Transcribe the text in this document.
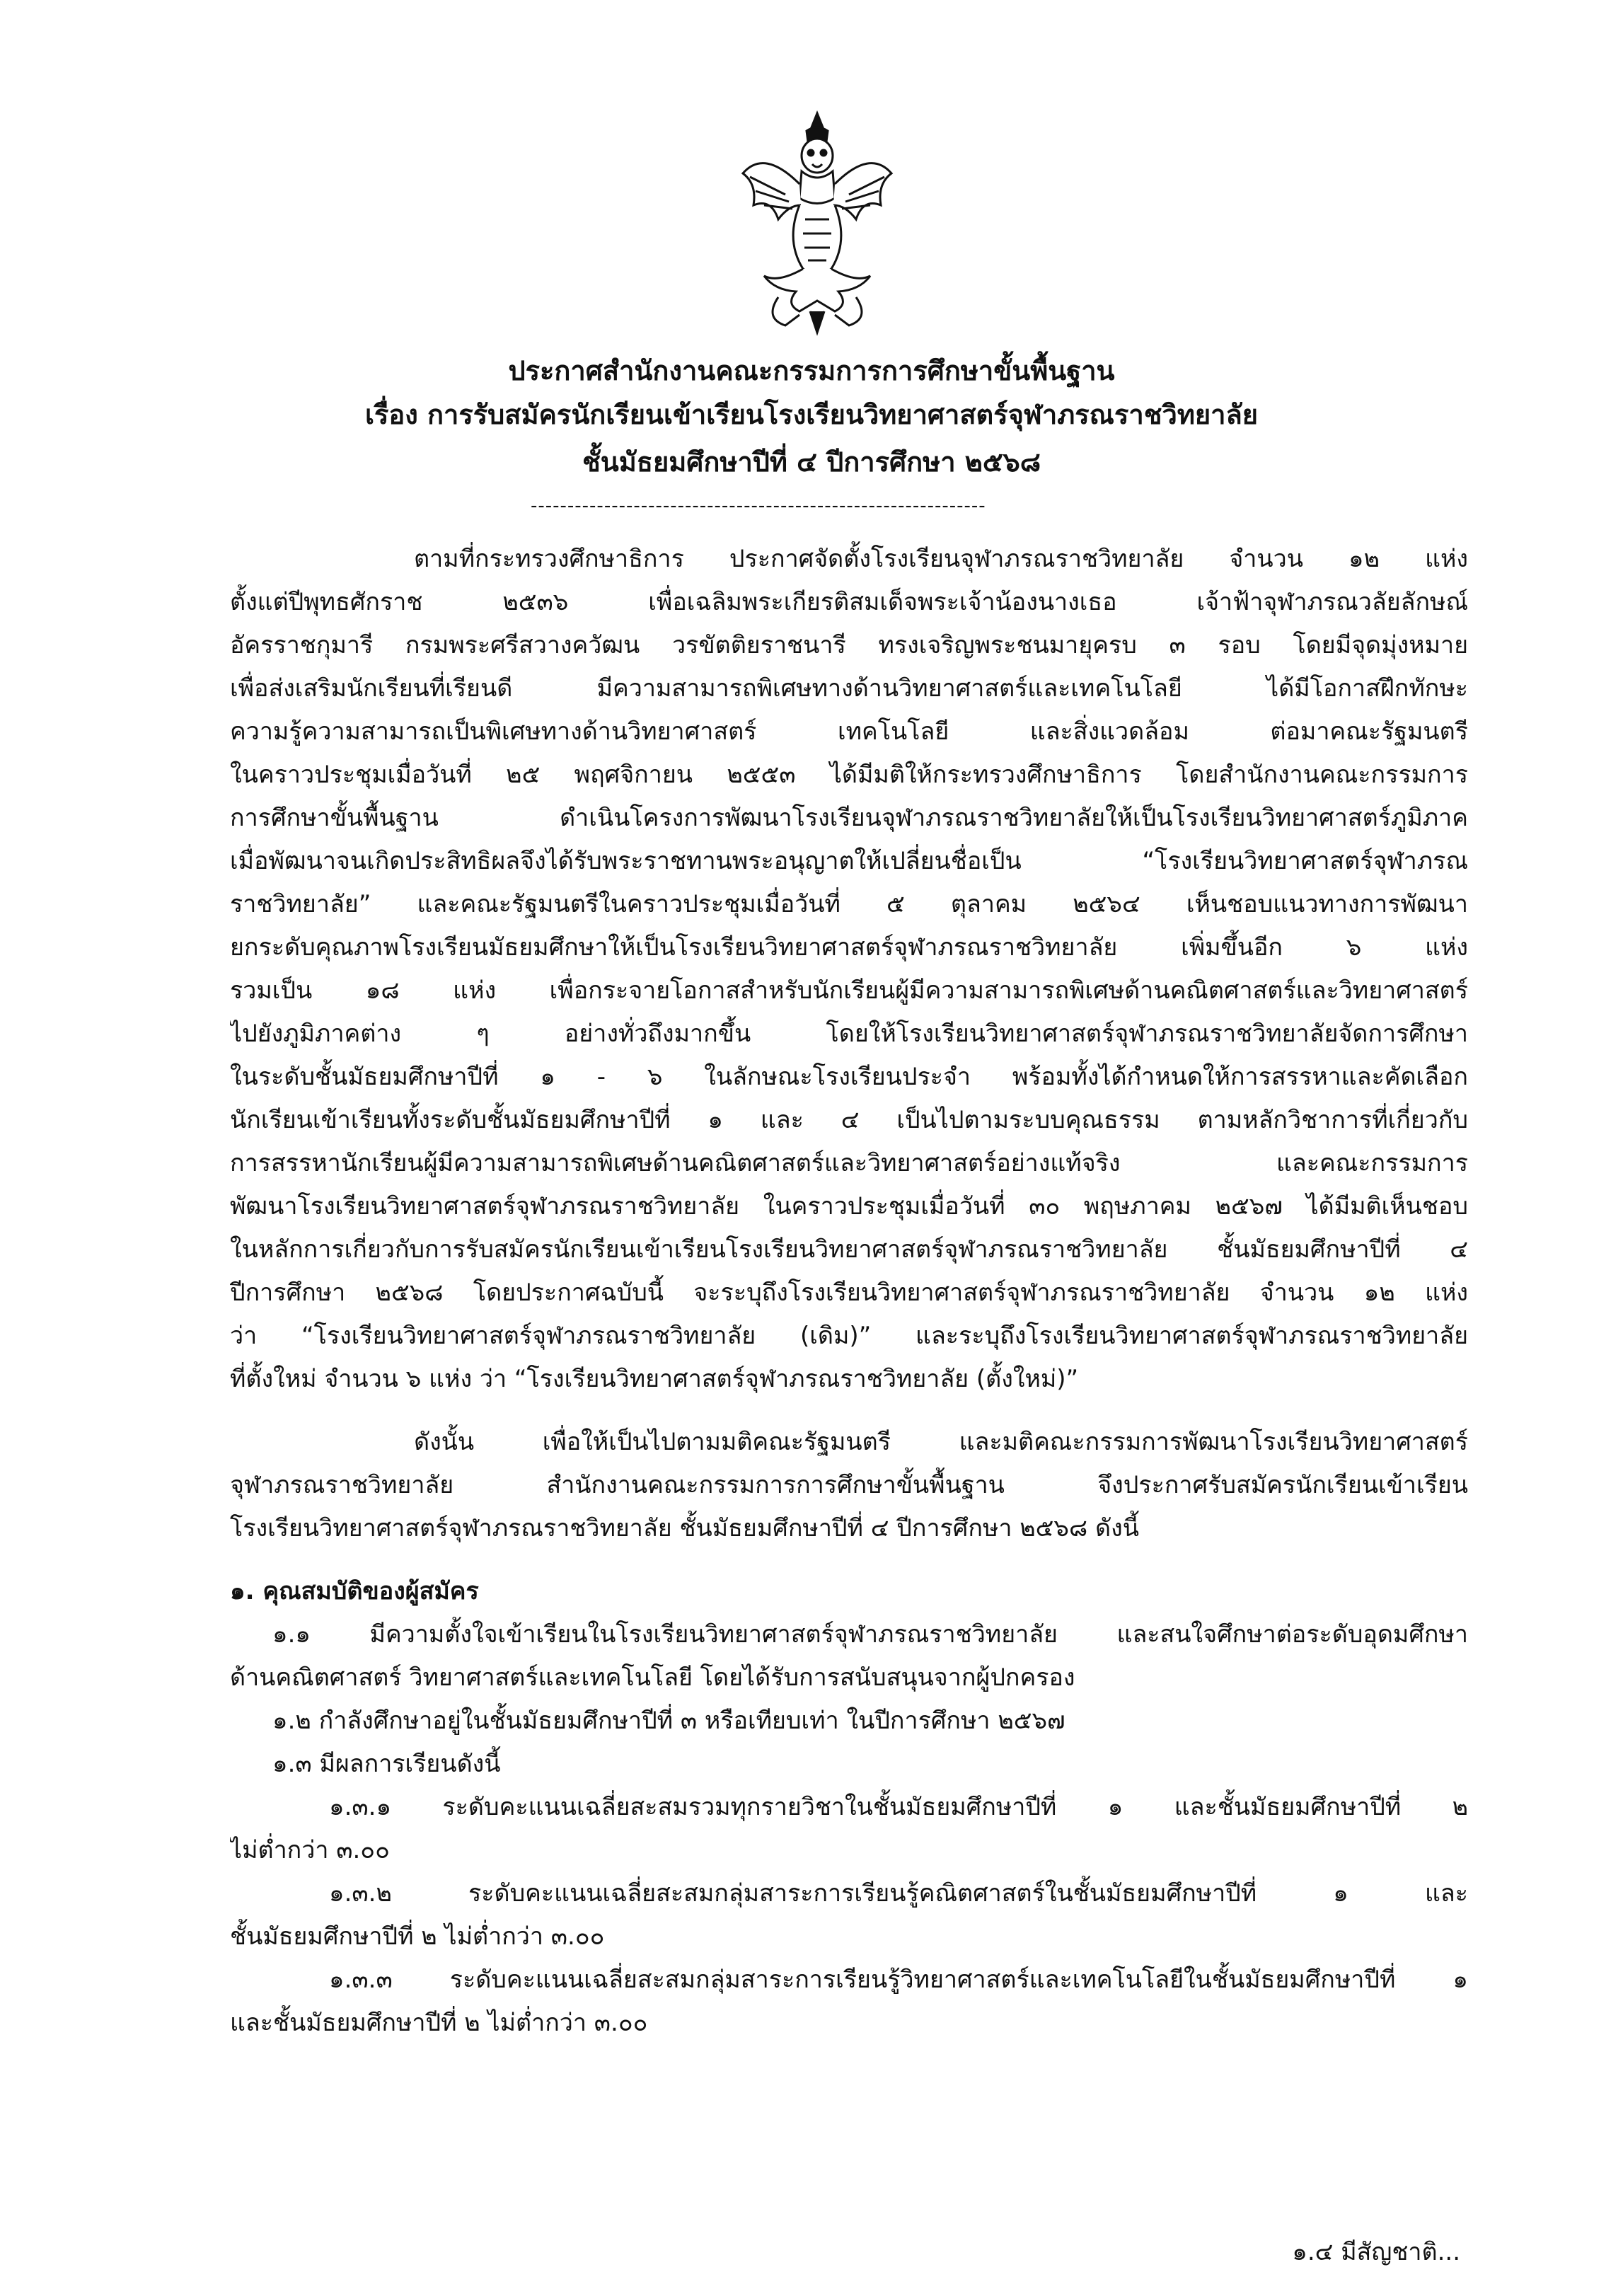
ประกาศสำนักงานคณะกรรมการการศึกษาขั้นพื้นฐาน
เรื่อง การรับสมัครนักเรียนเข้าเรียนโรงเรียนวิทยาศาสตร์จุฬาภรณราชวิทยาลัย
ชั้นมัธยมศึกษาปีที่ ๔ ปีการศึกษา ๒๕๖๘
--------------------------------------------------------------
ตามที่กระทรวงศึกษาธิการ ประกาศจัดตั้งโรงเรียนจุฬาภรณราชวิทยาลัย จำนวน ๑๒ แห่ง
ตั้งแต่ปีพุทธศักราช ๒๕๓๖ เพื่อเฉลิมพระเกียรติสมเด็จพระเจ้าน้องนางเธอ เจ้าฟ้าจุฬาภรณวลัยลักษณ์
อัครราชกุมารี กรมพระศรีสวางควัฒน วรขัตติยราชนารี ทรงเจริญพระชนมายุครบ ๓ รอบ โดยมีจุดมุ่งหมาย
เพื่อส่งเสริมนักเรียนที่เรียนดี มีความสามารถพิเศษทางด้านวิทยาศาสตร์และเทคโนโลยี ได้มีโอกาสฝึกทักษะ
ความรู้ความสามารถเป็นพิเศษทางด้านวิทยาศาสตร์ เทคโนโลยี และสิ่งแวดล้อม ต่อมาคณะรัฐมนตรี
ในคราวประชุมเมื่อวันที่ ๒๕ พฤศจิกายน ๒๕๕๓ ได้มีมติให้กระทรวงศึกษาธิการ โดยสำนักงานคณะกรรมการ
การศึกษาขั้นพื้นฐาน ดำเนินโครงการพัฒนาโรงเรียนจุฬาภรณราชวิทยาลัยให้เป็นโรงเรียนวิทยาศาสตร์ภูมิภาค
เมื่อพัฒนาจนเกิดประสิทธิผลจึงได้รับพระราชทานพระอนุญาตให้เปลี่ยนชื่อเป็น “โรงเรียนวิทยาศาสตร์จุฬาภรณ
ราชวิทยาลัย” และคณะรัฐมนตรีในคราวประชุมเมื่อวันที่ ๕ ตุลาคม ๒๕๖๔ เห็นชอบแนวทางการพัฒนา
ยกระดับคุณภาพโรงเรียนมัธยมศึกษาให้เป็นโรงเรียนวิทยาศาสตร์จุฬาภรณราชวิทยาลัย เพิ่มขึ้นอีก ๖ แห่ง
รวมเป็น ๑๘ แห่ง เพื่อกระจายโอกาสสำหรับนักเรียนผู้มีความสามารถพิเศษด้านคณิตศาสตร์และวิทยาศาสตร์
ไปยังภูมิภาคต่าง ๆ อย่างทั่วถึงมากขึ้น โดยให้โรงเรียนวิทยาศาสตร์จุฬาภรณราชวิทยาลัยจัดการศึกษา
ในระดับชั้นมัธยมศึกษาปีที่ ๑ - ๖ ในลักษณะโรงเรียนประจำ พร้อมทั้งได้กำหนดให้การสรรหาและคัดเลือก
นักเรียนเข้าเรียนทั้งระดับชั้นมัธยมศึกษาปีที่ ๑ และ ๔ เป็นไปตามระบบคุณธรรม ตามหลักวิชาการที่เกี่ยวกับ
การสรรหานักเรียนผู้มีความสามารถพิเศษด้านคณิตศาสตร์และวิทยาศาสตร์อย่างแท้จริง และคณะกรรมการ
พัฒนาโรงเรียนวิทยาศาสตร์จุฬาภรณราชวิทยาลัย ในคราวประชุมเมื่อวันที่ ๓๐ พฤษภาคม ๒๕๖๗ ได้มีมติเห็นชอบ
ในหลักการเกี่ยวกับการรับสมัครนักเรียนเข้าเรียนโรงเรียนวิทยาศาสตร์จุฬาภรณราชวิทยาลัย ชั้นมัธยมศึกษาปีที่ ๔
ปีการศึกษา ๒๕๖๘ โดยประกาศฉบับนี้ จะระบุถึงโรงเรียนวิทยาศาสตร์จุฬาภรณราชวิทยาลัย จำนวน ๑๒ แห่ง
ว่า “โรงเรียนวิทยาศาสตร์จุฬาภรณราชวิทยาลัย (เดิม)” และระบุถึงโรงเรียนวิทยาศาสตร์จุฬาภรณราชวิทยาลัย
ที่ตั้งใหม่ จำนวน ๖ แห่ง ว่า “โรงเรียนวิทยาศาสตร์จุฬาภรณราชวิทยาลัย (ตั้งใหม่)”
ดังนั้น เพื่อให้เป็นไปตามมติคณะรัฐมนตรี และมติคณะกรรมการพัฒนาโรงเรียนวิทยาศาสตร์
จุฬาภรณราชวิทยาลัย สำนักงานคณะกรรมการการศึกษาขั้นพื้นฐาน จึงประกาศรับสมัครนักเรียนเข้าเรียน
โรงเรียนวิทยาศาสตร์จุฬาภรณราชวิทยาลัย ชั้นมัธยมศึกษาปีที่ ๔ ปีการศึกษา ๒๕๖๘ ดังนี้
๑. คุณสมบัติของผู้สมัคร
๑.๑ มีความตั้งใจเข้าเรียนในโรงเรียนวิทยาศาสตร์จุฬาภรณราชวิทยาลัย และสนใจศึกษาต่อระดับอุดมศึกษา
ด้านคณิตศาสตร์ วิทยาศาสตร์และเทคโนโลยี โดยได้รับการสนับสนุนจากผู้ปกครอง
๑.๒ กำลังศึกษาอยู่ในชั้นมัธยมศึกษาปีที่ ๓ หรือเทียบเท่า ในปีการศึกษา ๒๕๖๗
๑.๓ มีผลการเรียนดังนี้
๑.๓.๑ ระดับคะแนนเฉลี่ยสะสมรวมทุกรายวิชาในชั้นมัธยมศึกษาปีที่ ๑ และชั้นมัธยมศึกษาปีที่ ๒
ไม่ต่ำกว่า ๓.๐๐
๑.๓.๒ ระดับคะแนนเฉลี่ยสะสมกลุ่มสาระการเรียนรู้คณิตศาสตร์ในชั้นมัธยมศึกษาปีที่ ๑ และ
ชั้นมัธยมศึกษาปีที่ ๒ ไม่ต่ำกว่า ๓.๐๐
๑.๓.๓ ระดับคะแนนเฉลี่ยสะสมกลุ่มสาระการเรียนรู้วิทยาศาสตร์และเทคโนโลยีในชั้นมัธยมศึกษาปีที่ ๑
และชั้นมัธยมศึกษาปีที่ ๒ ไม่ต่ำกว่า ๓.๐๐
๑.๔ มีสัญชาติ...
